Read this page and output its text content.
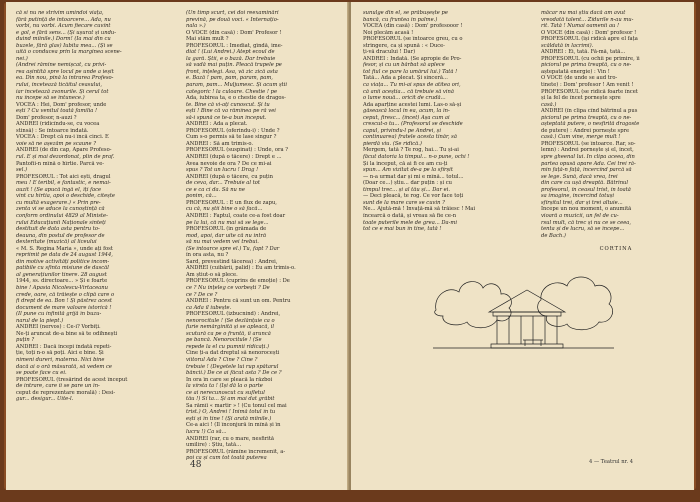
că si nu ne strivim umindoi viața,
fără putință de întoarcere... Ada, nu
vorbi, nu vorbi. Acum fiecare cuvînt
e gol, e fără sens... (Și ușurat și undu-
duind mîinile.) Dorm! (Ia mai din cu
buzele, fără glas) Iubita mea... (Și se
uită o conducea prin la marginea scene-
nei.)
(Andrei rămîne nemișcat, cu privi-
rea așintită spre locul pe unde a ieșit
ea. Din nou, pînă la intrarea Profeso-
rului, încetează ticăitul ceasului,
iar încetează zvonurile. Și cerul tot
nu începe să se întunece.)
VOCEA : Hei, Dom' profesor, unde
ești ? Cu venitul toată familia !
Dom' profesor, n-auzi ?
ANDREI (ridicîndu-se, cu vocea
stinsă) : Se întoarce îndată.
VOCEA : Drept că nu-i încă cinci. E
voie să ne așezăm pe scaune ?
ANDREI (de din cap, Apare Profeso-
rul. E și mai dezordonat, plin de praf.
Pantofii-n mînă o hîrtie. Parcă ve-
sel.)
PROFESORUL : Tot aici ești, dragul
meu ! E teribil, e fantastic, e nemai-
auzit ! (Se apucă îngă el, îți face
vînt cu hîrtia, apoi o deschide, citește
cu multă exagerare.) « Prin pre-
zenta vi se aduce la cunoștință că
conform ordinului 4829 al Ministe-
rului Educațiunii Naționale sînteți
destituit de data asta pentru to-
deauna, din postul de profesor de
dexteritate (muzică) al liceului
« M. S. Regina Maria », unde ați fost
repriimit pe data de 24 august 1944,
din motive activități politice incom-
patibile cu sfînta misiune de dascăl
al generațiunilor tinere. 28 august
1944, ss. directoare... » Și e foarte
bine ! Apasia Nicolescu-Virtaceanu
crede, oare, că trăiește o clipă care o
fi drept de ea. Bon ! Și păstrez acest
document de mare valoare istorică !
(Îl pune cu infinită grijă în buzu-
narul de la piept.)
ANDREI (nervos) : Ce-i? Vorbiți.
Ne-ți aruncat de-a bine să te odihnești
puțin ?
ANDREI : Dacă începi îndată repeti-
ție, toți n-o să poți. Aici e bine. Și
nimeni dureri, materna. Nici bine
dacă ai o oră măsurată, să vedem ce
se poate face cu ei.
PROFESORUL (tresărind de acest început
de intrare, care îi se pare un în-
ceput de reprezentare morală) : Desi-
gur... desigur... Uite-l.
(Un timp scurt, cei doi reexaminări
prevină, pe două voci. « Internațio-
nala ».)
O VOCE (din casă) : Dom' Profesor !
Mai stăm mult ?
PROFESORUL : Imediat, gîndă, ime-
diat ! (Lui Andrei.) Atept ecoul de
la gară. Știi, e o bază. Dar trebuie
să vadă mai puțin. Pleacă trupele pe
front, înțelegi. Asa, vă zic zică asta
e. Bază ! pam, pam, param, pam,
param, pam... Muljumesc. Și acum știi
categoric ! la culoare. Chestie ! pe
Ada, iubirea ta, e o chestie de dragos-
te. Bine că vi-ați cunoscut. Și tu
ești ! Bine că va rămînea pe ră vei
să-i spună ce te-a bun început.
ANDREI : Ada a plecat.
PROFESORUL (oferindu-i) : Unde ?
Cum s-o permis să te lase singur ?
ANDREI : Să am trimis-o.
PROFESORUL (suspinat) : Unde, ora ?
ANDREI (după o tăcere) : Drept e ...
Avea nevoie de ora ? De ce mi-ai
spus ? Tot un lucru ! Drag !
ANDREI (după o tăcere, cu puțin
de ceva, dar... Trebuie al tot
ce e ca ci da. Să nu ne
ponim, că...
PROFESORUL : E un flux de zapu,
cu că, nu știi bine o să facă...
ANDREI : Faptul, coate ce-a fost doar
pe la lui, că nu mai să se lege...
PROFESORUL (în grămada de
mod, apoi, dar uite că nu intră
să nu mai vedem vei trebui.
(Se întoarce spre el.) Tu, fapt ? Dar
în ora asta, nu ?
Sard, prevestind tăcerea) : Andrei,
ANDREI (cuibării, palid) : Eu am trimis-o.
Am știut-o să plece.
PROFESORUL (cuprins de emoție) : De
ce ? Nu înțeleg ce vorbești ? De
ce ? De ce ?
ANDREI : Pentru că sunt un om. Pentru
ca Ada îl iubește.
PROFESORUL (izbucnind) : Andrei,
nenorocitule ! (Se dezlănțuie ca o
furie nemărginită și se apleacă, il
scutură ca pe o fruntă, îi aruncă
pe bancă. Nenorocitule ! (Se
repede la el cu pumnii ridicați.)
Cine ți-a dat dreptul să nenorocești
viitorul Ada ? Cine ? Cine ?
trebuie ! (Degetele lui rup spătarul
băncii.) De ce ai făcut asta ? De ce ?
În ora în care se pleacă la război
la vîrsta ta ! (Își dă la o parte
ce ai nerecunoscut cu sufletul
tău !) Sî ta... Și am mai dat grăbit
Sa rămîi « martir » ! (Cu tonul cel mai
trist.) O, Andrei ! Inimă totul în tu
ești și în tine ! (Și arată mîinile.)
Ce-a aici ! (Îl înconjură în mînă și în
lucru !) Ca să...
ANDREI (rar, cu o mare, nesfirită
umilire) : Știu, tată...
PROFESORUL (rămîne încremenit, a-
poi ca și cum tot toată puterea
48
sunulge din el, se prăbușește pe
bancă, cu fruntea în palme.)
VOCEA (din casă) : Dom' profesooor !
Noi plecăm acasă !
PROFESORUL (se întoarce greu, cu o
strîngere, ca și spună : « Duce-
ți-vă dracului ! Dar)
ANDREI : Îndată. (Se apropie de Pro-
fesor, și cu un bărbat să aplece
tot fiul ce pare la umărul lui.) Tată !
Tată... Ada a plecat. Și sinceră...
ca viața... Tu mi-ai spus de atîtea ori,
că anii aceștia... că trebuie să vină
o lume nouă... oricît de crudă...
Ada aparține acestei lumi. Las-o să-și
găsească locul în ea, acum, la în-
ceput, firesc... (încet) Așa cum ai
crescut-o tu... (Profesorul se deschide
capul, privindu-l pe Andrei, și
continuarea) fratele acesta tînăr, să
pierdă viu. (Se ridică.)
Mergem, tată ? Te rog, hai... Tu și-ai
făcut datoria la timpul... n-o pune, ochi !
Și la început, că ai fi ce am cu-ți
spun... Am vizitat de-a pe la sfîrșit
— n-a urmat dar și mi e mînă... totul...
(Doar ce...) știu... dar puțin : și cu
timpul trec... și al tău și... Dar ei.
— Deci pleacă, te rog. Ce vor face toți
sunt de la mare care se cuvin ?
Ne... Ajută-mă ! Învață-mă să trăiesc ! Mai
încearcă o dată, și vreau să fie ce-n
toate puterile mele de grea... Da-mi
tot ce e mai bun în tine, tată !
măcar nu mai știu dacă am avut
vreodată talent... Zîdurile n-au mu-
rit. Tată ! Numai oamenii au !
O VOCE (din casă) : Dom' profesor !
PROFESORUL (își ridică apre el fața
scăldată în lacrimi).
ANDREI : Ei, tată. Fă-mă, tată...
PROFESORUL (cu ochii pe primire, îi
piciorul pe prima treaptă, cu o ne-
aștepatată energie) : Vin !
O VOCE (de unde se aud tro-
tinete) : Dom' profesor ! Am venit !
PROFESORUL (se ridică foarte încet
și la fel de încet pornește spre
casă.)
ANDREI (în clipa cînd bătrînul a pus
piciorul pe prima treaptă, cu o ne-
așteptată putere, o nesfirită dragoste
de putere) : Andrei pornește spre
casă.) Cum vine, merge mult !
PROFESORUL (se întoarce. Rar, so-
lemn) : Andrei pornește și el, încet,
spre gheenal lui. În clipa aceea, din
partea opusă apare Ada. Cei trei ră-
mîn față-n față, încercînd parcă să
se lege. Sună, dacă vrea, trei
din care cu ușă dreaptă. Bătrînul
profesorul, în ceasul trist, în toată
sa imagine, încercînd totuși
sfîrșitul trei, dar și trei altuie...
Începe un nou moment, o anumită
vioară a muzicii, un fel de cu-
rsul mult, că trec și nu ce se ceea,
tenta și de lucru, să se începe...
de Bach.)
CORTINA
4 — Teatrul nr. 4
